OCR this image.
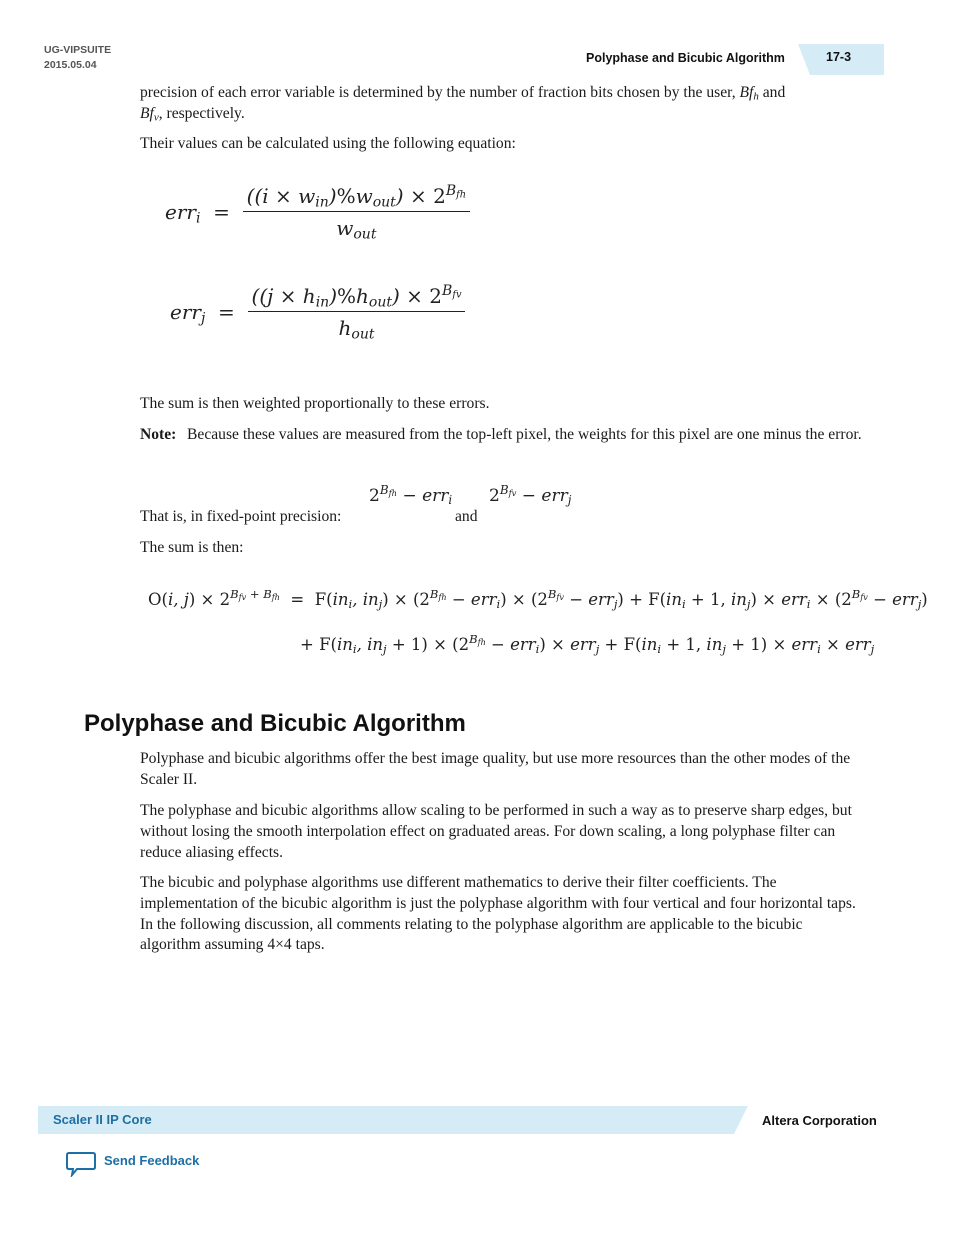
UG-VIPSUITE
2015.05.04	Polyphase and Bicubic Algorithm	17-3
precision of each error variable is determined by the number of fraction bits chosen by the user, $Bf_h$ and
$Bf_v$, respectively.
Their values can be calculated using the following equation:
$err_i = \frac{((i \times w_{in})\%w_{out}) \times 2^{B_{fh}}}{w_{out}}$
$err_j = \frac{((j \times h_{in})\%h_{out}) \times 2^{B_{fv}}}{h_{out}}$
The sum is then weighted proportionally to these errors.
Note: Because these values are measured from the top-left pixel, the weights for this pixel are one minus the error.
That is, in fixed-point precision:
$2^{B_{fh}} - err_i$
and
$2^{B_{fv}} - err_j$
The sum is then:
O(i, $j) \times 2^{B_{fv} + B_{fh}} = F(in_i$, $in_j) \times (2^{B_{fh}} - err_i) \times (2^{B_{fv}} - err_j) + F(in_i + 1$, $in_j) \times err_i \times (2^{B_{fv}} - err_j)$
+ $F(in_i$, $in_j + 1) \times (2^{B_{fh}} - err_i) \times err_j + F(in_i + 1$, $in_j + 1) \times err_i \times err_j$
Polyphase and Bicubic Algorithm
Polyphase and bicubic algorithms offer the best image quality, but use more resources than the other modes of the Scaler II.
The polyphase and bicubic algorithms allow scaling to be performed in such a way as to preserve sharp edges, but without losing the smooth interpolation effect on graduated areas. For down scaling, a long polyphase filter can reduce aliasing effects.
The bicubic and polyphase algorithms use different mathematics to derive their filter coefficients. The implementation of the bicubic algorithm is just the polyphase algorithm with four vertical and four horizontal taps. In the following discussion, all comments relating to the polyphase algorithm are applicable to the bicubic algorithm assuming 4×4 taps.
Scaler II IP Core	Altera Corporation
Send Feedback
